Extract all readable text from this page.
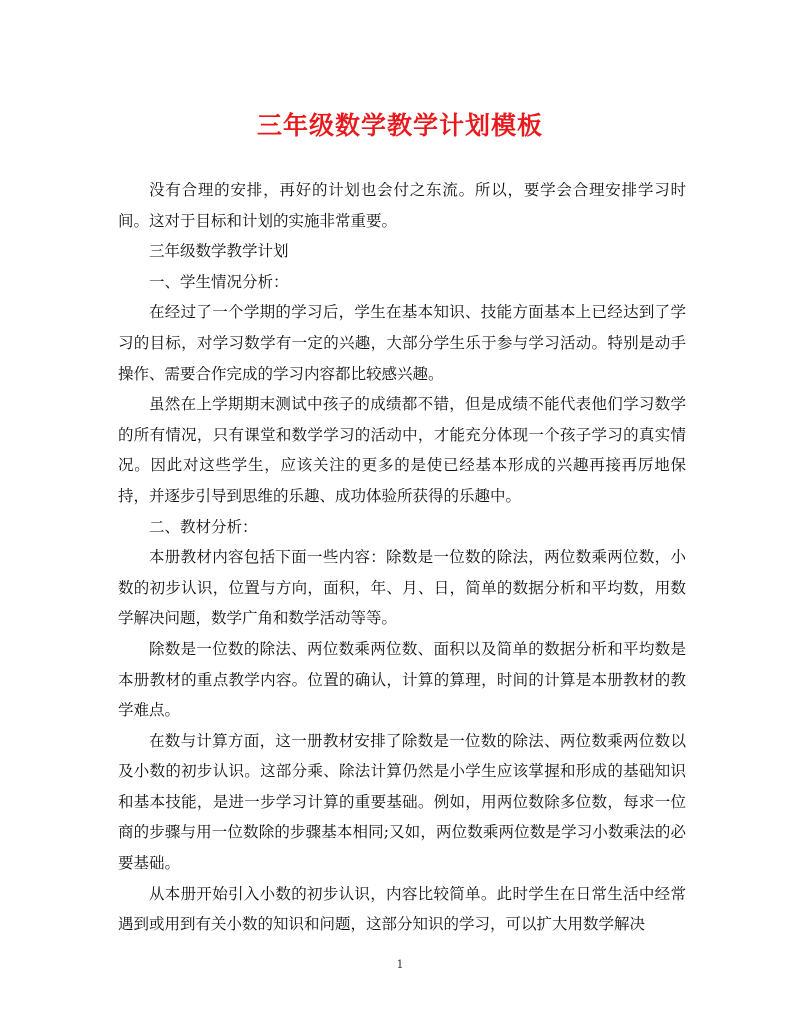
三年级数学教学计划模板

没有合理的安排，再好的计划也会付之东流。所以，要学会合理安排学习时间。这对于目标和计划的实施非常重要。

三年级数学教学计划

一、学生情况分析：

在经过了一个学期的学习后，学生在基本知识、技能方面基本上已经达到了学习的目标，对学习数学有一定的兴趣，大部分学生乐于参与学习活动。特别是动手操作、需要合作完成的学习内容都比较感兴趣。

虽然在上学期期末测试中孩子的成绩都不错，但是成绩不能代表他们学习数学的所有情况，只有课堂和数学学习的活动中，才能充分体现一个孩子学习的真实情况。因此对这些学生，应该关注的更多的是使已经基本形成的兴趣再接再厉地保持，并逐步引导到思维的乐趣、成功体验所获得的乐趣中。

二、教材分析：

本册教材内容包括下面一些内容：除数是一位数的除法，两位数乘两位数，小数的初步认识，位置与方向，面积，年、月、日，简单的数据分析和平均数，用数学解决问题，数学广角和数学活动等等。

除数是一位数的除法、两位数乘两位数、面积以及简单的数据分析和平均数是本册教材的重点教学内容。位置的确认，计算的算理，时间的计算是本册教材的教学难点。

在数与计算方面，这一册教材安排了除数是一位数的除法、两位数乘两位数以及小数的初步认识。这部分乘、除法计算仍然是小学生应该掌握和形成的基础知识和基本技能，是进一步学习计算的重要基础。例如，用两位数除多位数，每求一位商的步骤与用一位数除的步骤基本相同;又如，两位数乘两位数是学习小数乘法的必要基础。

从本册开始引入小数的初步认识，内容比较简单。此时学生在日常生活中经常遇到或用到有关小数的知识和问题，这部分知识的学习，可以扩大用数学解决

1
